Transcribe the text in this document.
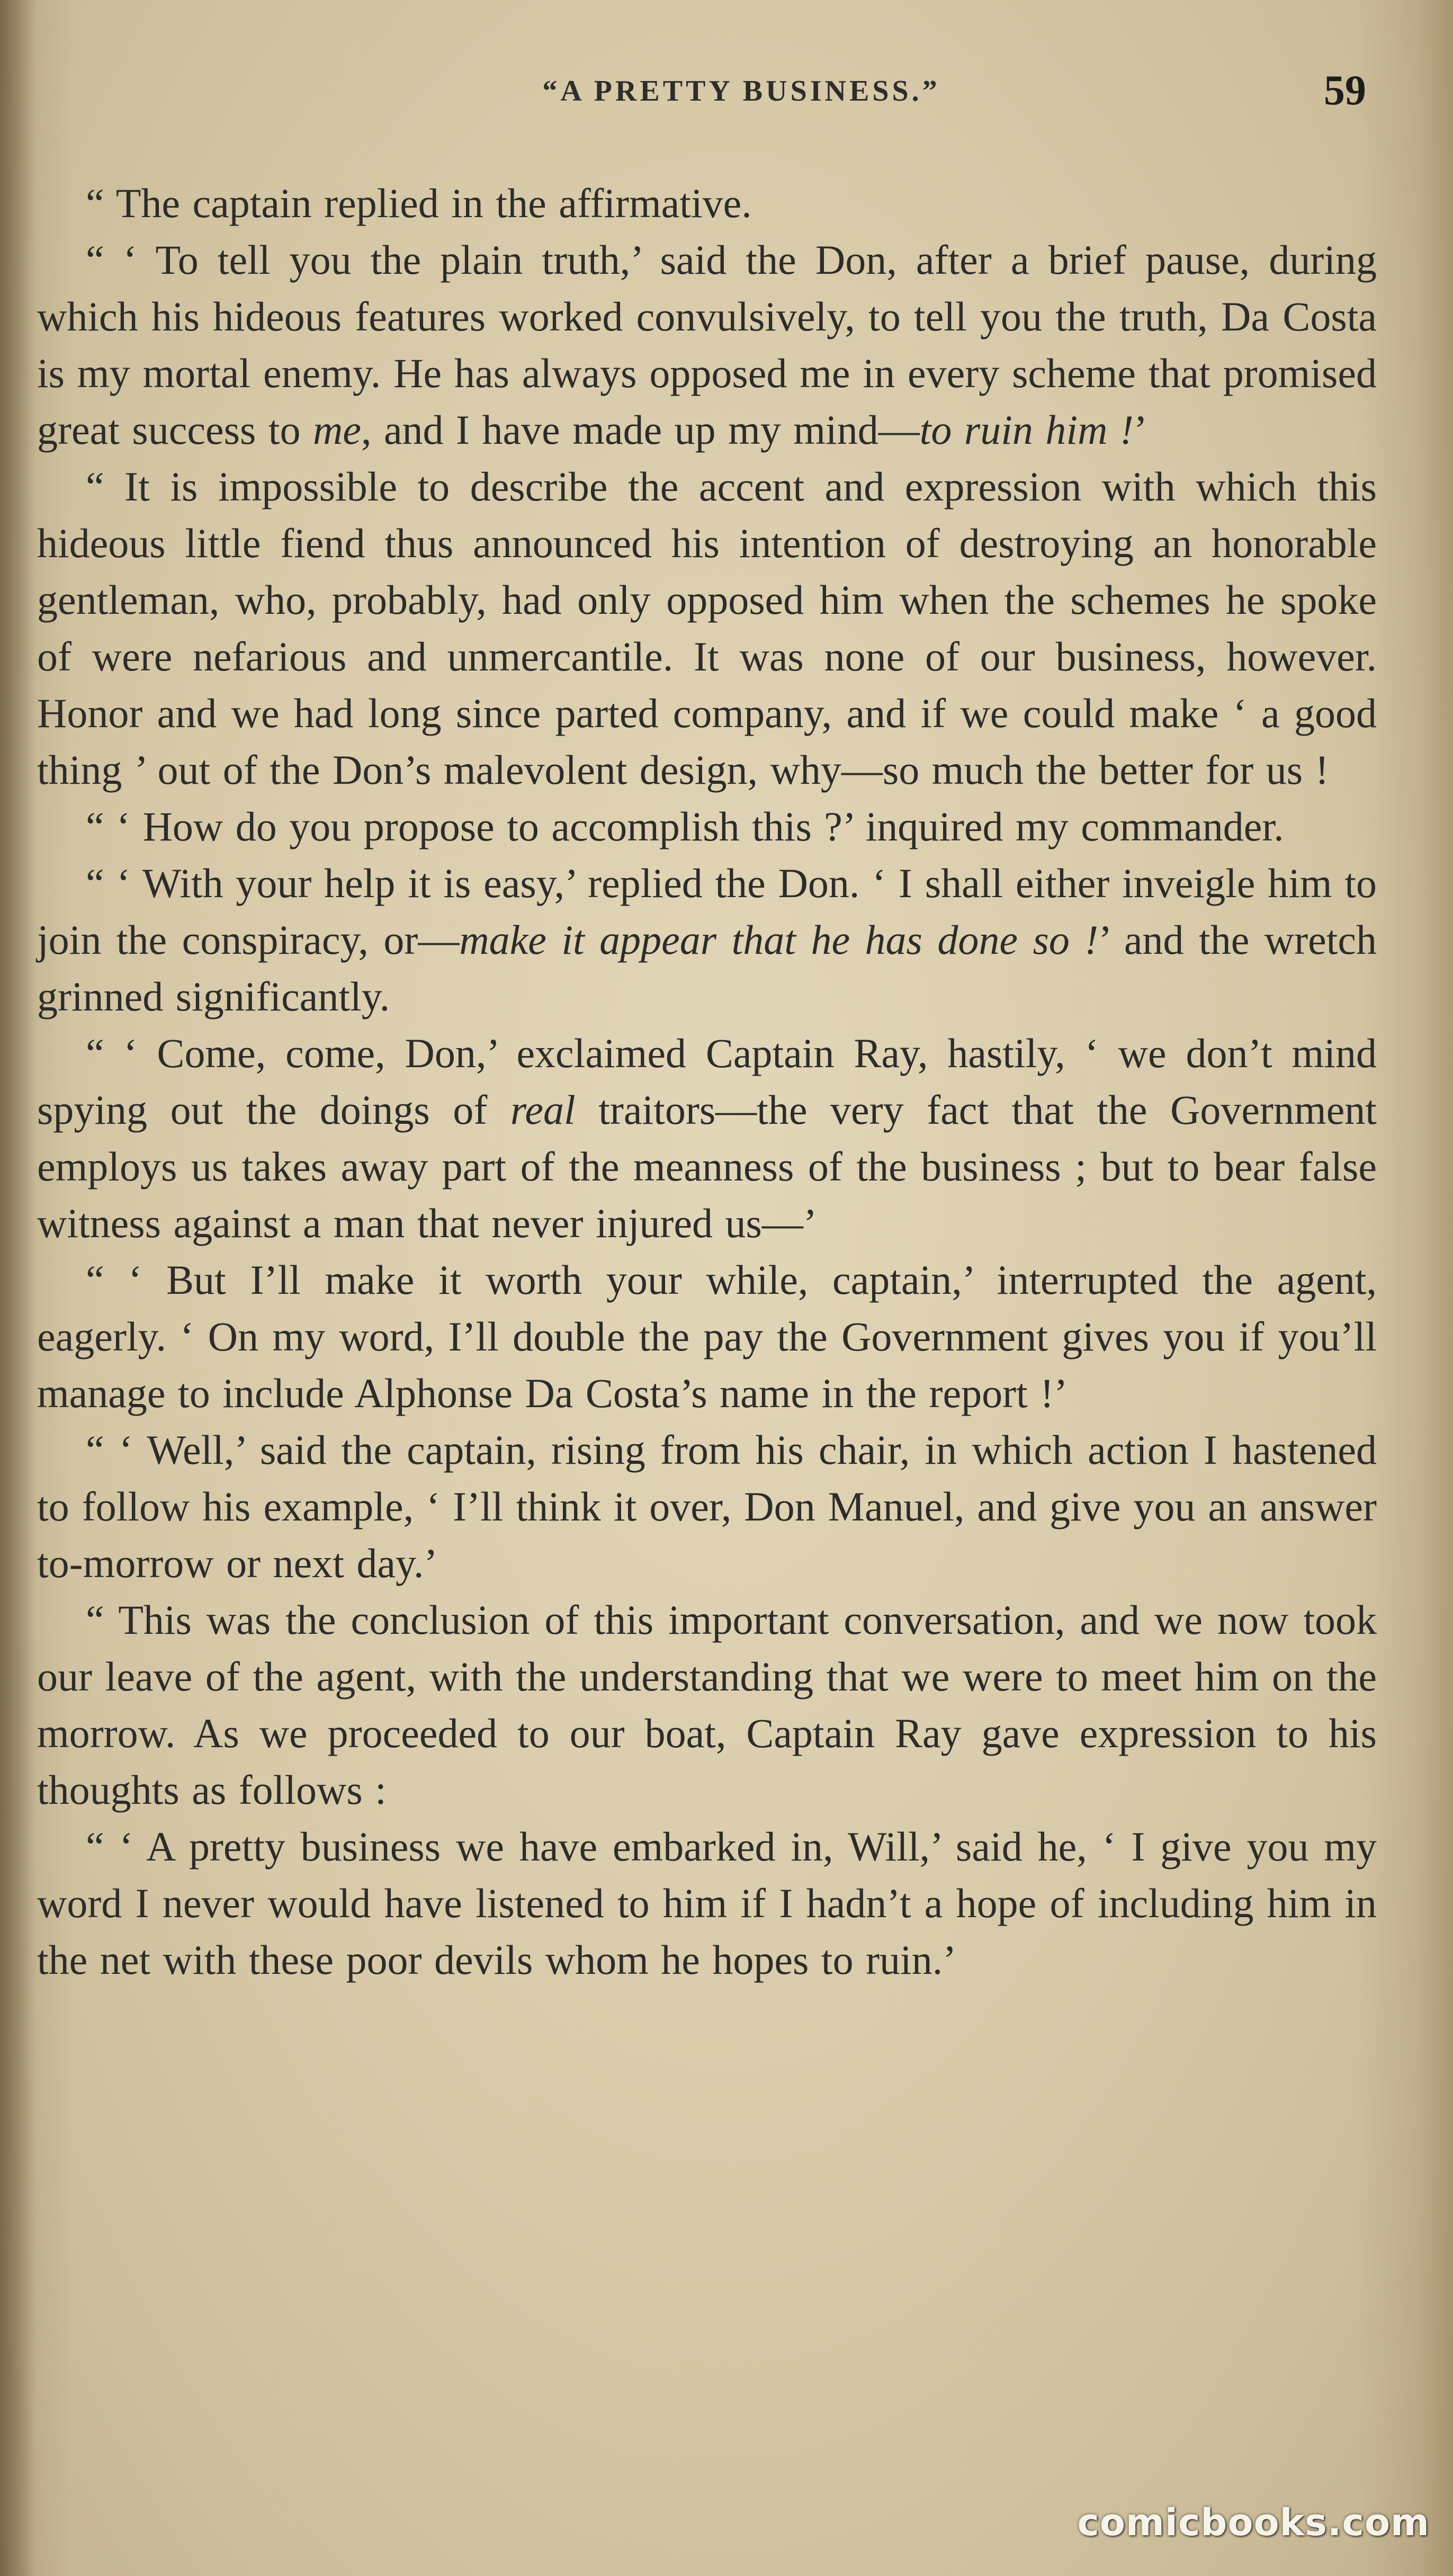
“A PRETTY BUSINESS.”	59

“ The captain replied in the affirmative.

“ ‘ To tell you the plain truth,’ said the Don, after a brief pause, during which his hideous features worked convulsively, to tell you the truth, Da Costa is my mortal enemy. He has always opposed me in every scheme that promised great success to me, and I have made up my mind—to ruin him !’

“ It is impossible to describe the accent and expression with which this hideous little fiend thus announced his intention of destroying an honorable gentleman, who, probably, had only opposed him when the schemes he spoke of were nefarious and unmercantile. It was none of our business, however. Honor and we had long since parted company, and if we could make ‘ a good thing ’ out of the Don’s malevolent design, why—so much the better for us !

“ ‘ How do you propose to accomplish this ?’ inquired my commander.

“ ‘ With your help it is easy,’ replied the Don. ‘ I shall either inveigle him to join the conspiracy, or—make it appear that he has done so !’ and the wretch grinned significantly.

“ ‘ Come, come, Don,’ exclaimed Captain Ray, hastily, ‘ we don’t mind spying out the doings of real traitors—the very fact that the Government employs us takes away part of the meanness of the business ; but to bear false witness against a man that never injured us—’

“ ‘ But I’ll make it worth your while, captain,’ interrupted the agent, eagerly. ‘ On my word, I’ll double the pay the Government gives you if you’ll manage to include Alphonse Da Costa’s name in the report !’

“ ‘ Well,’ said the captain, rising from his chair, in which action I hastened to follow his example, ‘ I’ll think it over, Don Manuel, and give you an answer to-morrow or next day.’

“ This was the conclusion of this important conversation, and we now took our leave of the agent, with the understanding that we were to meet him on the morrow. As we proceeded to our boat, Captain Ray gave expression to his thoughts as follows :

“ ‘ A pretty business we have embarked in, Will,’ said he, ‘ I give you my word I never would have listened to him if I hadn’t a hope of including him in the net with these poor devils whom he hopes to ruin.’

comicbooks.com
